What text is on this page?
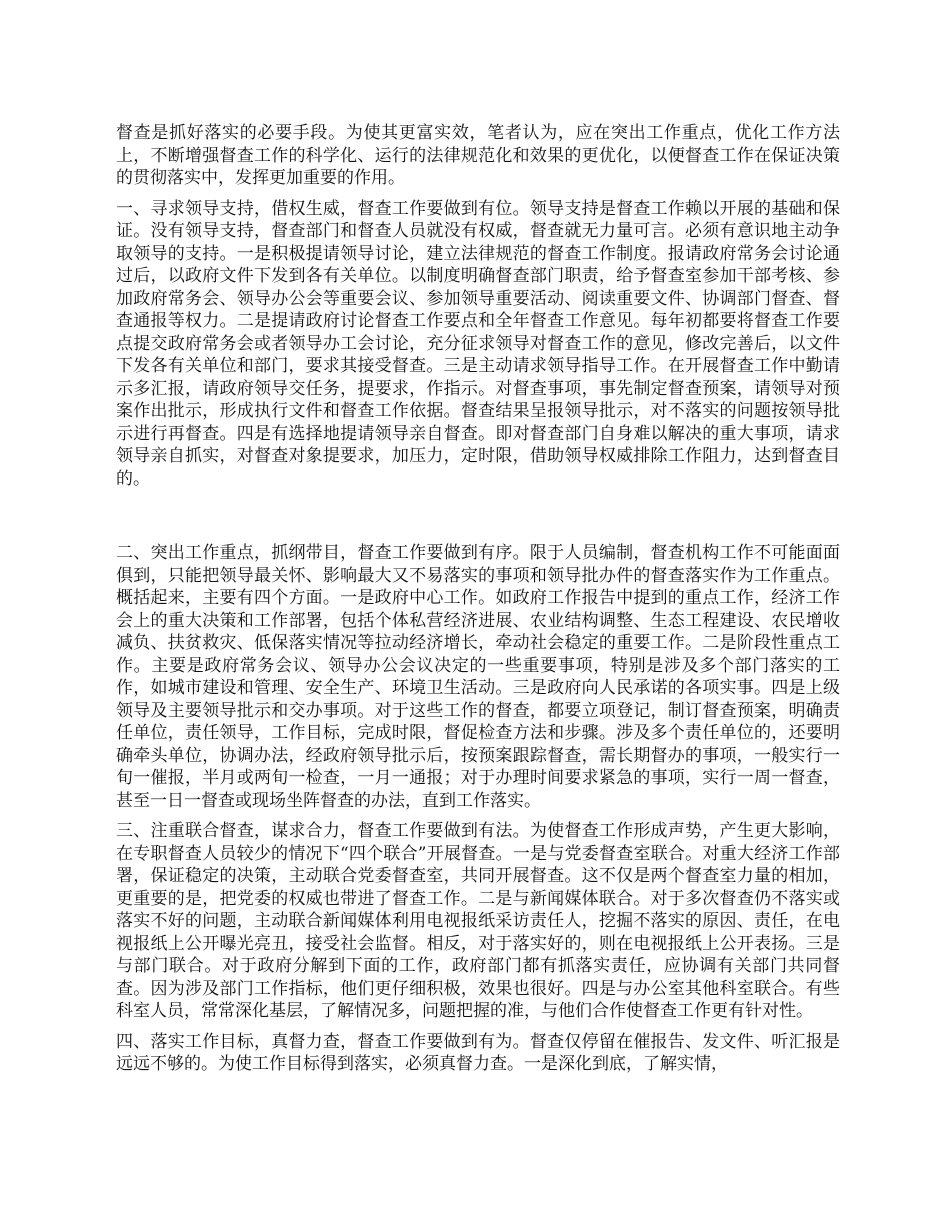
督查是抓好落实的必要手段。为使其更富实效，笔者认为，应在突出工作重点，优化工作方法上，不断增强督查工作的科学化、运行的法律规范化和效果的更优化，以便督查工作在保证决策的贯彻落实中，发挥更加重要的作用。

一、寻求领导支持，借权生威，督查工作要做到有位。领导支持是督查工作赖以开展的基础和保证。没有领导支持，督查部门和督查人员就没有权威，督查就无力量可言。必须有意识地主动争取领导的支持。一是积极提请领导讨论，建立法律规范的督查工作制度。报请政府常务会讨论通过后，以政府文件下发到各有关单位。以制度明确督查部门职责，给予督查室参加干部考核、参加政府常务会、领导办公会等重要会议、参加领导重要活动、阅读重要文件、协调部门督查、督查通报等权力。二是提请政府讨论督查工作要点和全年督查工作意见。每年初都要将督查工作要点提交政府常务会或者领导办工会讨论，充分征求领导对督查工作的意见，修改完善后，以文件下发各有关单位和部门，要求其接受督查。三是主动请求领导指导工作。在开展督查工作中勤请示多汇报，请政府领导交任务，提要求，作指示。对督查事项，事先制定督查预案，请领导对预案作出批示，形成执行文件和督查工作依据。督查结果呈报领导批示，对不落实的问题按领导批示进行再督查。四是有选择地提请领导亲自督查。即对督查部门自身难以解决的重大事项，请求领导亲自抓实，对督查对象提要求，加压力，定时限，借助领导权威排除工作阻力，达到督查目的。

二、突出工作重点，抓纲带目，督查工作要做到有序。限于人员编制，督查机构工作不可能面面俱到，只能把领导最关怀、影响最大又不易落实的事项和领导批办件的督查落实作为工作重点。概括起来，主要有四个方面。一是政府中心工作。如政府工作报告中提到的重点工作，经济工作会上的重大决策和工作部署，包括个体私营经济进展、农业结构调整、生态工程建设、农民增收减负、扶贫救灾、低保落实情况等拉动经济增长，牵动社会稳定的重要工作。二是阶段性重点工作。主要是政府常务会议、领导办公会议决定的一些重要事项，特别是涉及多个部门落实的工作，如城市建设和管理、安全生产、环境卫生活动。三是政府向人民承诺的各项实事。四是上级领导及主要领导批示和交办事项。对于这些工作的督查，都要立项登记，制订督查预案，明确责任单位，责任领导，工作目标，完成时限，督促检查方法和步骤。涉及多个责任单位的，还要明确牵头单位，协调办法，经政府领导批示后，按预案跟踪督查，需长期督办的事项，一般实行一旬一催报，半月或两旬一检查，一月一通报；对于办理时间要求紧急的事项，实行一周一督查，甚至一日一督查或现场坐阵督查的办法，直到工作落实。

三、注重联合督查，谋求合力，督查工作要做到有法。为使督查工作形成声势，产生更大影响，在专职督查人员较少的情况下“四个联合”开展督查。一是与党委督查室联合。对重大经济工作部署，保证稳定的决策，主动联合党委督查室，共同开展督查。这不仅是两个督查室力量的相加，更重要的是，把党委的权威也带进了督查工作。二是与新闻媒体联合。对于多次督查仍不落实或落实不好的问题，主动联合新闻媒体利用电视报纸采访责任人，挖掘不落实的原因、责任，在电视报纸上公开曝光亮丑，接受社会监督。相反，对于落实好的，则在电视报纸上公开表扬。三是与部门联合。对于政府分解到下面的工作，政府部门都有抓落实责任，应协调有关部门共同督查。因为涉及部门工作指标，他们更仔细积极，效果也很好。四是与办公室其他科室联合。有些科室人员，常常深化基层，了解情况多，问题把握的准，与他们合作使督查工作更有针对性。

四、落实工作目标，真督力查，督查工作要做到有为。督查仅停留在催报告、发文件、听汇报是远远不够的。为使工作目标得到落实，必须真督力查。一是深化到底，了解实情，
